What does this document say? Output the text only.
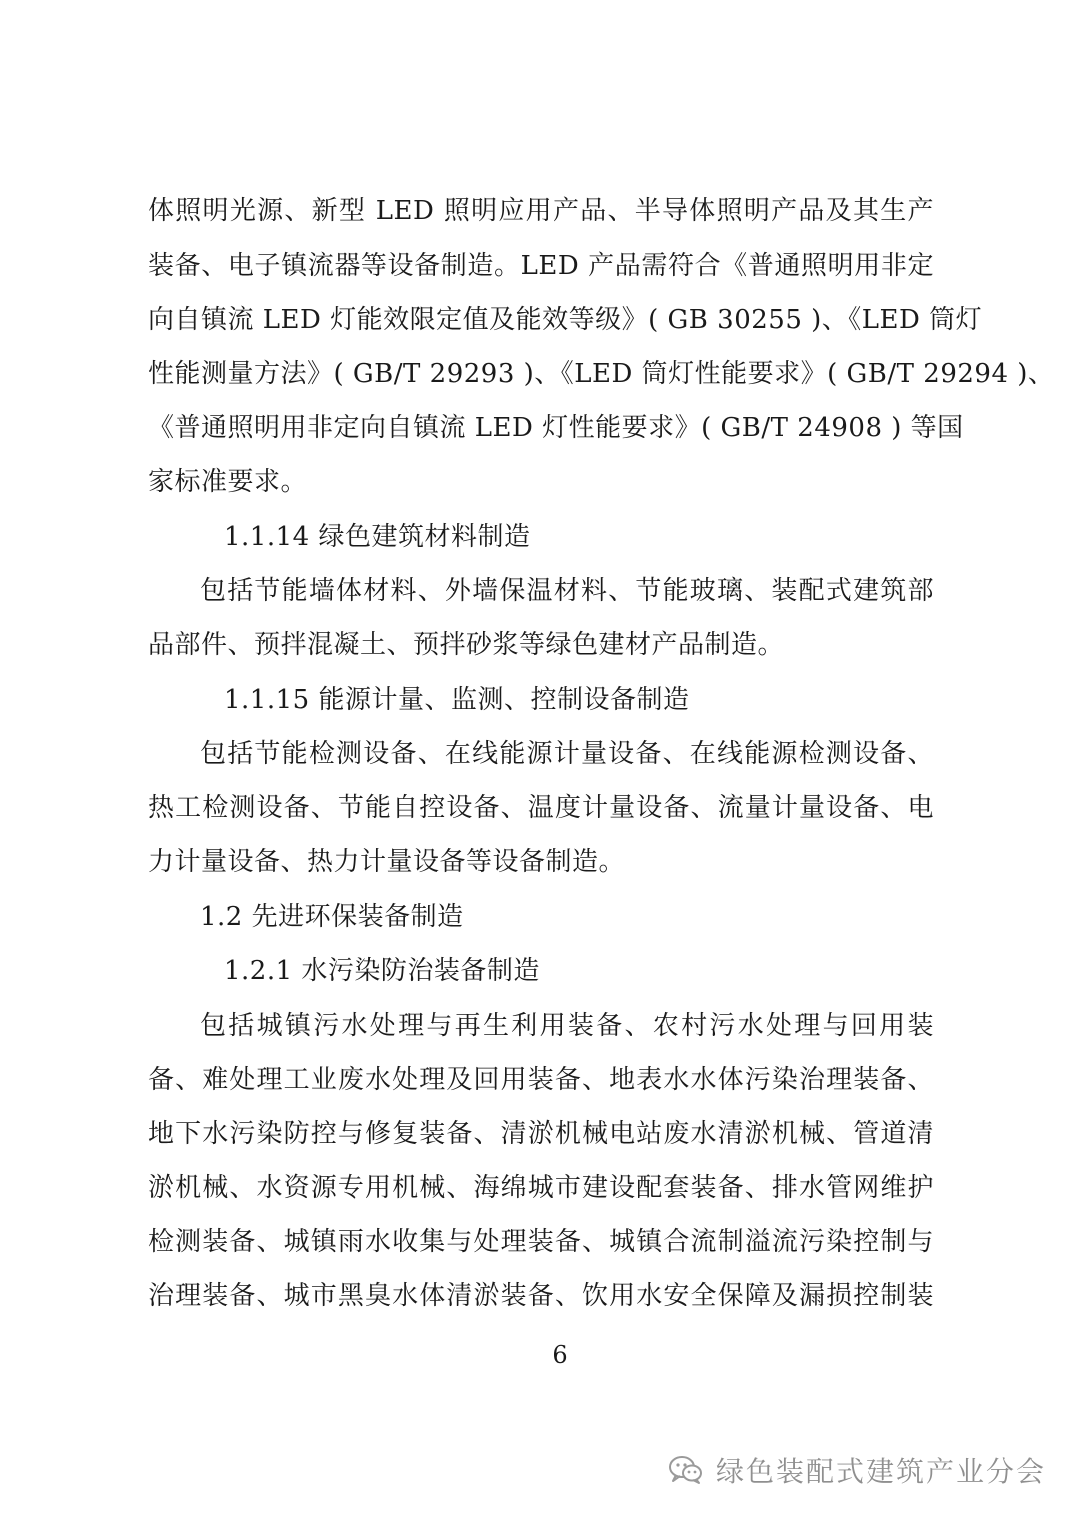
体照明光源、新型 LED 照明应用产品、半导体照明产品及其生产
装备、电子镇流器等设备制造。LED 产品需符合《普通照明用非定
向自镇流 LED 灯能效限定值及能效等级》( GB 30255 )、《LED 筒灯
性能测量方法》( GB/T 29293 )、《LED 筒灯性能要求》( GB/T 29294 )、
《普通照明用非定向自镇流 LED 灯性能要求》( GB/T 24908 ) 等国
家标准要求。
1.1.14 绿色建筑材料制造
包括节能墙体材料、外墙保温材料、节能玻璃、装配式建筑部
品部件、预拌混凝土、预拌砂浆等绿色建材产品制造。
1.1.15 能源计量、监测、控制设备制造
包括节能检测设备、在线能源计量设备、在线能源检测设备、
热工检测设备、节能自控设备、温度计量设备、流量计量设备、电
力计量设备、热力计量设备等设备制造。
1.2 先进环保装备制造
1.2.1 水污染防治装备制造
包括城镇污水处理与再生利用装备、农村污水处理与回用装
备、难处理工业废水处理及回用装备、地表水水体污染治理装备、
地下水污染防控与修复装备、清淤机械电站废水清淤机械、管道清
淤机械、水资源专用机械、海绵城市建设配套装备、排水管网维护
检测装备、城镇雨水收集与处理装备、城镇合流制溢流污染控制与
治理装备、城市黑臭水体清淤装备、饮用水安全保障及漏损控制装
6
绿色装配式建筑产业分会
